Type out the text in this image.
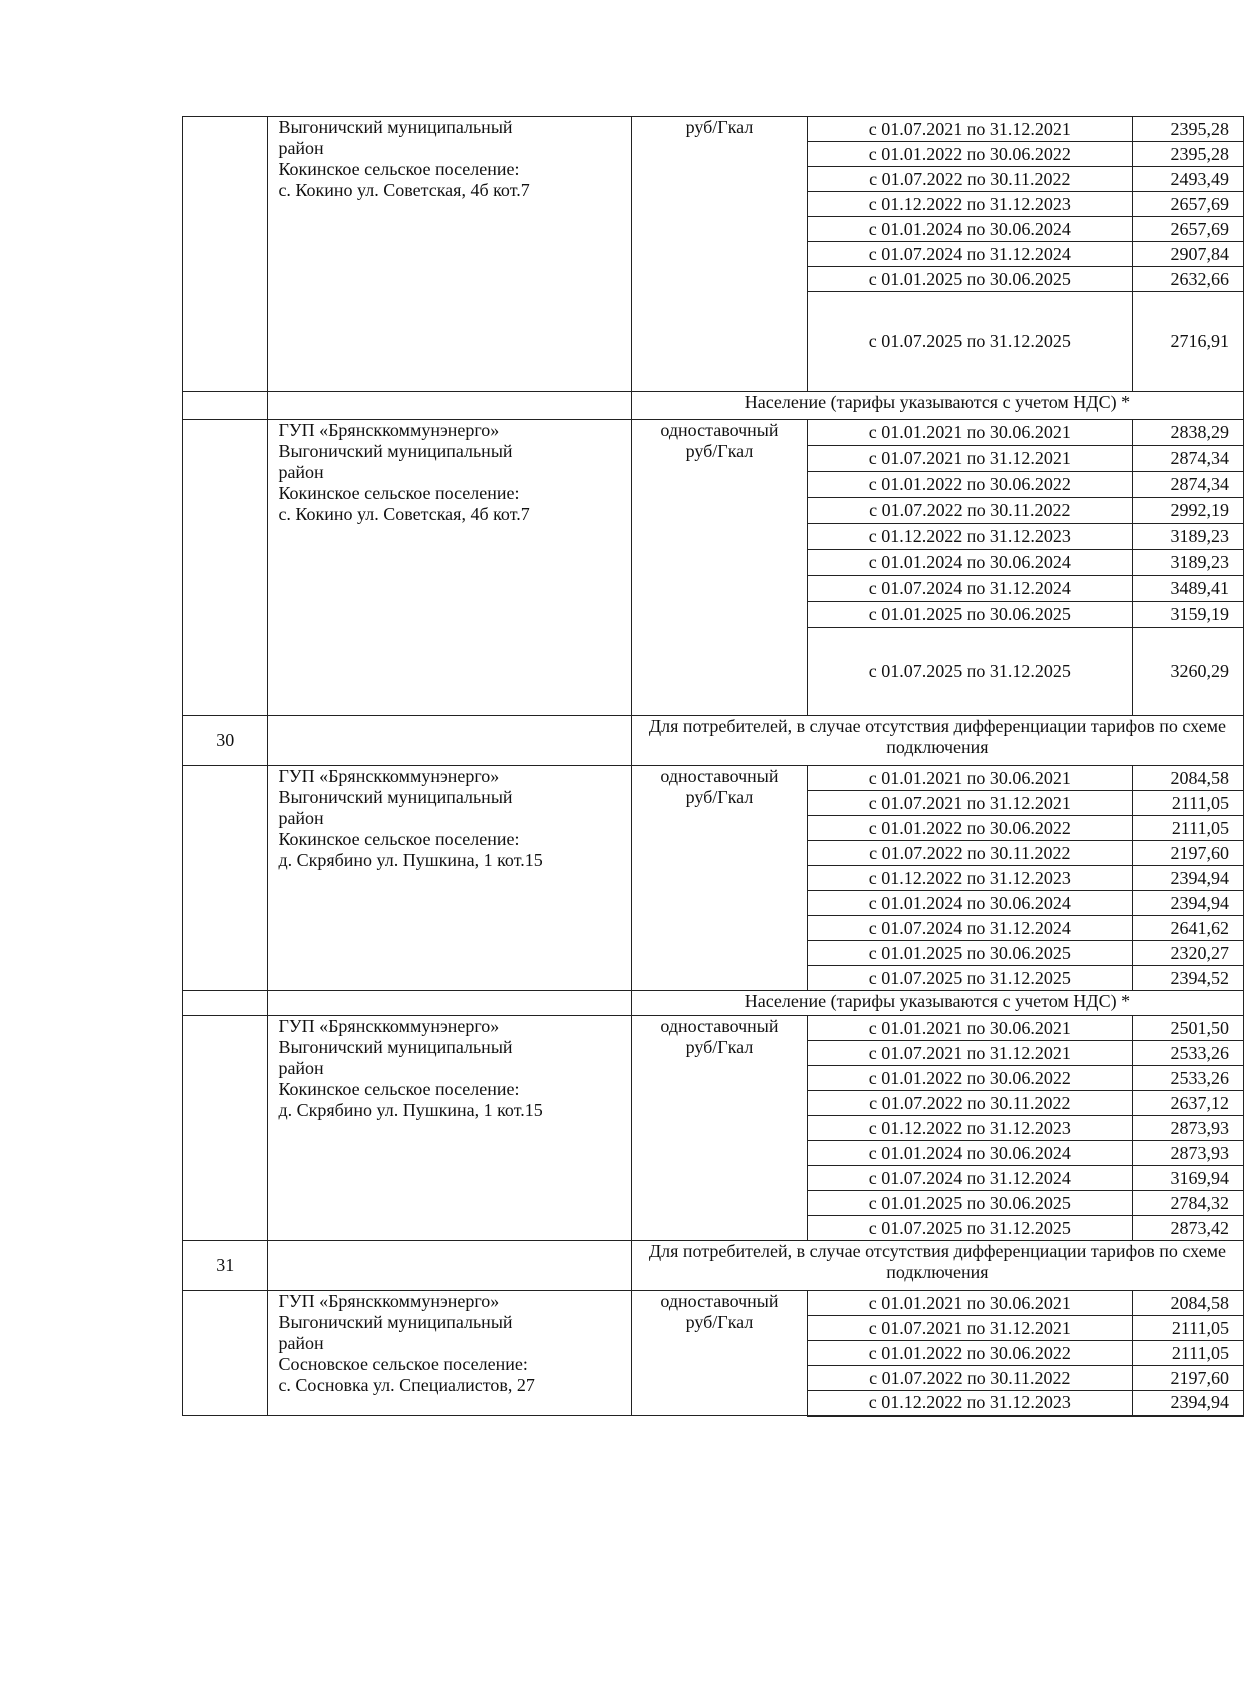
	Выгоничский муниципальный
район
Кокинское сельское поселение:
с. Кокино ул. Советская, 4б кот.7	руб/Гкал	с 01.07.2021 по 31.12.2021	2395,28
			с 01.01.2022 по 30.06.2022	2395,28
			с 01.07.2022 по 30.11.2022	2493,49
			с 01.12.2022 по 31.12.2023	2657,69
			с 01.01.2024 по 30.06.2024	2657,69
			с 01.07.2024 по 31.12.2024	2907,84
			с 01.01.2025 по 30.06.2025	2632,66
			с 01.07.2025 по 31.12.2025	2716,91
		Население (тарифы указываются с учетом НДС) *		

	ГУП «Брянсккоммунэнерго»
Выгоничский муниципальный
район
Кокинское сельское поселение:
с. Кокино ул. Советская, 4б кот.7	одноставочный
руб/Гкал	с 01.01.2021 по 30.06.2021	2838,29
			с 01.07.2021 по 31.12.2021	2874,34
			с 01.01.2022 по 30.06.2022	2874,34
			с 01.07.2022 по 30.11.2022	2992,19
			с 01.12.2022 по 31.12.2023	3189,23
			с 01.01.2024 по 30.06.2024	3189,23
			с 01.07.2024 по 31.12.2024	3489,41
			с 01.01.2025 по 30.06.2025	3159,19
			с 01.07.2025 по 31.12.2025	3260,29
30		Для потребителей, в случае отсутствия дифференциации тарифов по схеме подключения		

	ГУП «Брянсккоммунэнерго»
Выгоничский муниципальный
район
Кокинское сельское поселение:
д. Скрябино ул. Пушкина, 1 кот.15	одноставочный
руб/Гкал	с 01.01.2021 по 30.06.2021	2084,58
			с 01.07.2021 по 31.12.2021	2111,05
			с 01.01.2022 по 30.06.2022	2111,05
			с 01.07.2022 по 30.11.2022	2197,60
			с 01.12.2022 по 31.12.2023	2394,94
			с 01.01.2024 по 30.06.2024	2394,94
			с 01.07.2024 по 31.12.2024	2641,62
			с 01.01.2025 по 30.06.2025	2320,27
			с 01.07.2025 по 31.12.2025	2394,52
		Население (тарифы указываются с учетом НДС) *		

	ГУП «Брянсккоммунэнерго»
Выгоничский муниципальный
район
Кокинское сельское поселение:
д. Скрябино ул. Пушкина, 1 кот.15	одноставочный
руб/Гкал	с 01.01.2021 по 30.06.2021	2501,50
			с 01.07.2021 по 31.12.2021	2533,26
			с 01.01.2022 по 30.06.2022	2533,26
			с 01.07.2022 по 30.11.2022	2637,12
			с 01.12.2022 по 31.12.2023	2873,93
			с 01.01.2024 по 30.06.2024	2873,93
			с 01.07.2024 по 31.12.2024	3169,94
			с 01.01.2025 по 30.06.2025	2784,32
			с 01.07.2025 по 31.12.2025	2873,42
31		Для потребителей, в случае отсутствия дифференциации тарифов по схеме подключения		

	ГУП «Брянсккоммунэнерго»
Выгоничский муниципальный
район
Сосновское сельское поселение:
с. Сосновка ул. Специалистов, 27	одноставочный
руб/Гкал	с 01.01.2021 по 30.06.2021	2084,58
			с 01.07.2021 по 31.12.2021	2111,05
			с 01.01.2022 по 30.06.2022	2111,05
			с 01.07.2022 по 30.11.2022	2197,60
			с 01.12.2022 по 31.12.2023	2394,94
